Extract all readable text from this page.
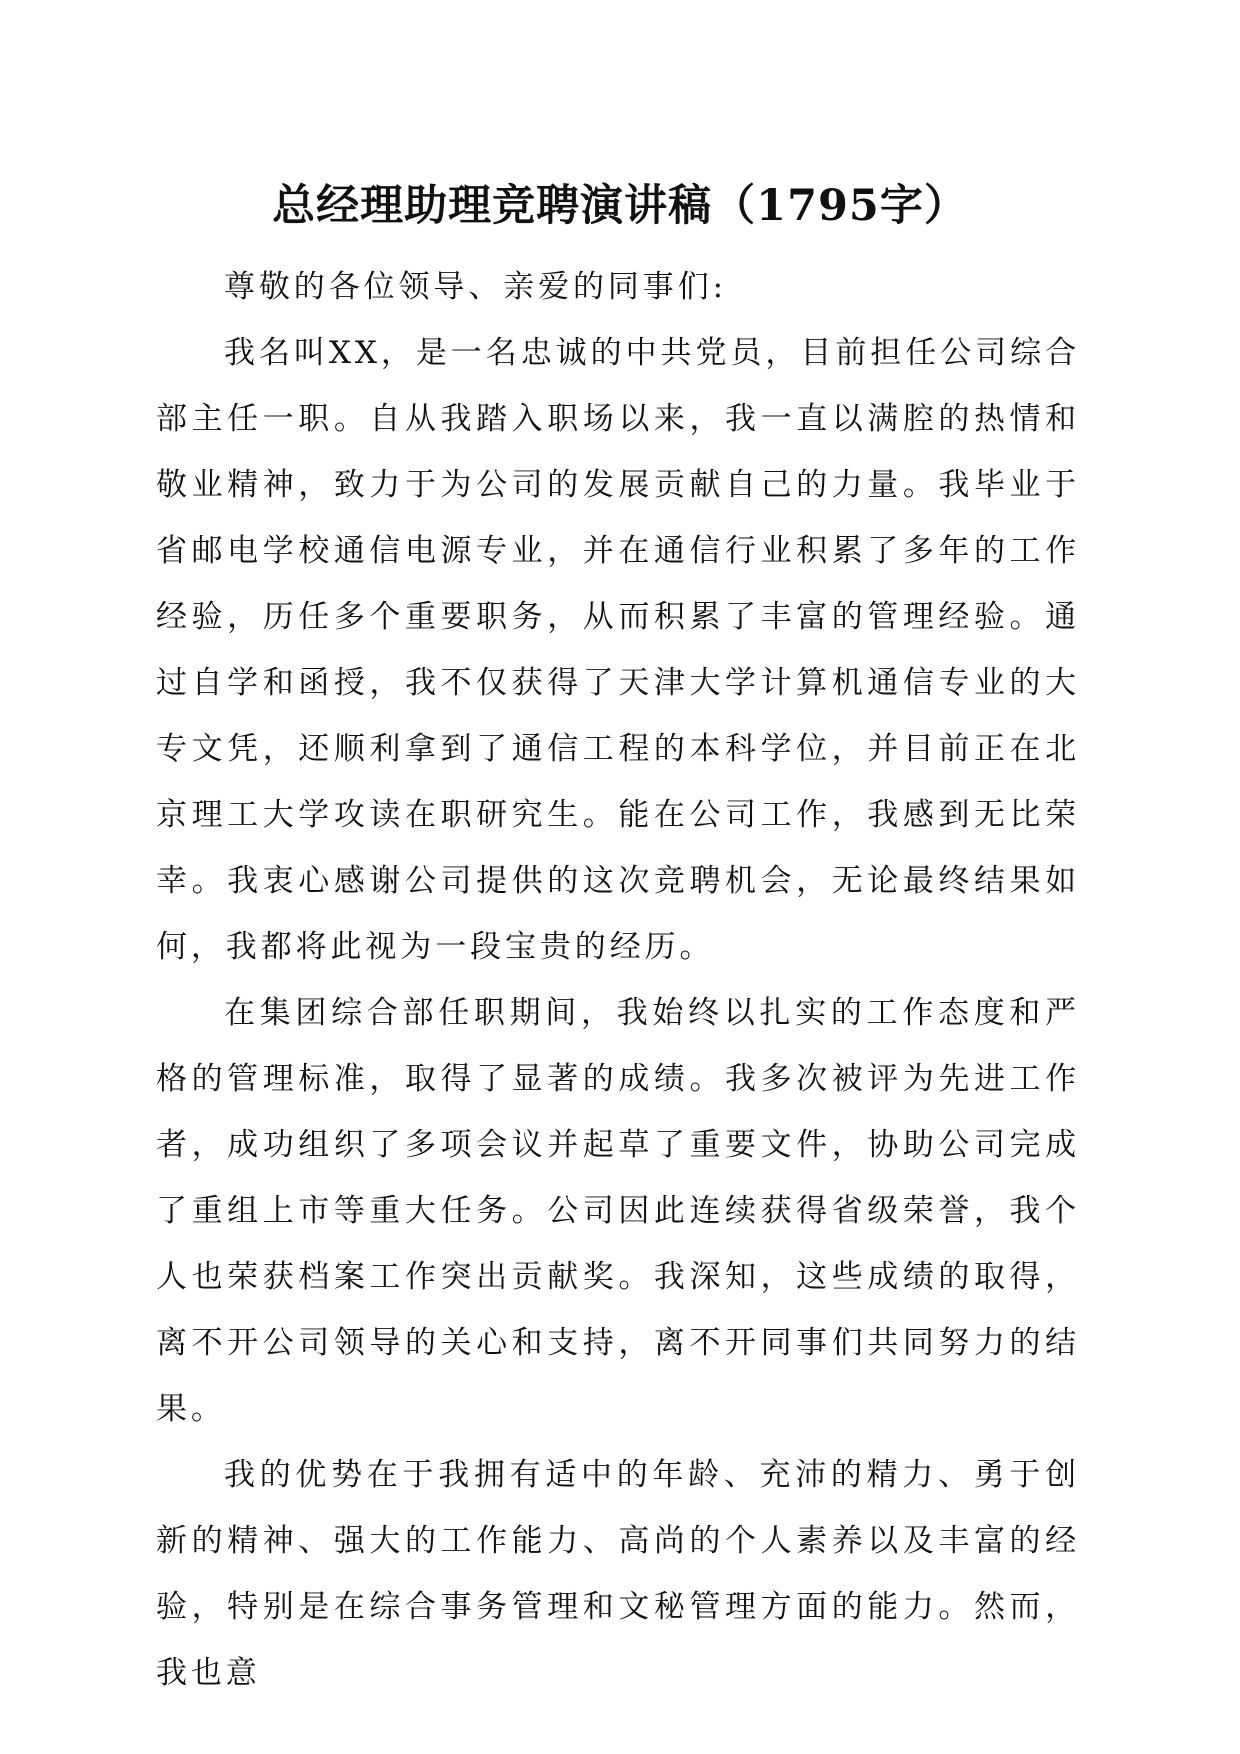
总经理助理竞聘演讲稿（1795字）

尊敬的各位领导、亲爱的同事们:

我名叫XX，是一名忠诚的中共党员，目前担任公司综合部主任一职。自从我踏入职场以来，我一直以满腔的热情和敬业精神，致力于为公司的发展贡献自己的力量。我毕业于省邮电学校通信电源专业，并在通信行业积累了多年的工作经验，历任多个重要职务，从而积累了丰富的管理经验。通过自学和函授，我不仅获得了天津大学计算机通信专业的大专文凭，还顺利拿到了通信工程的本科学位，并目前正在北京理工大学攻读在职研究生。能在公司工作，我感到无比荣幸。我衷心感谢公司提供的这次竞聘机会，无论最终结果如何，我都将此视为一段宝贵的经历。

在集团综合部任职期间，我始终以扎实的工作态度和严格的管理标准，取得了显著的成绩。我多次被评为先进工作者，成功组织了多项会议并起草了重要文件，协助公司完成了重组上市等重大任务。公司因此连续获得省级荣誉，我个人也荣获档案工作突出贡献奖。我深知，这些成绩的取得，离不开公司领导的关心和支持，离不开同事们共同努力的结果。

我的优势在于我拥有适中的年龄、充沛的精力、勇于创新的精神、强大的工作能力、高尚的个人素养以及丰富的经验，特别是在综合事务管理和文秘管理方面的能力。然而，我也意
